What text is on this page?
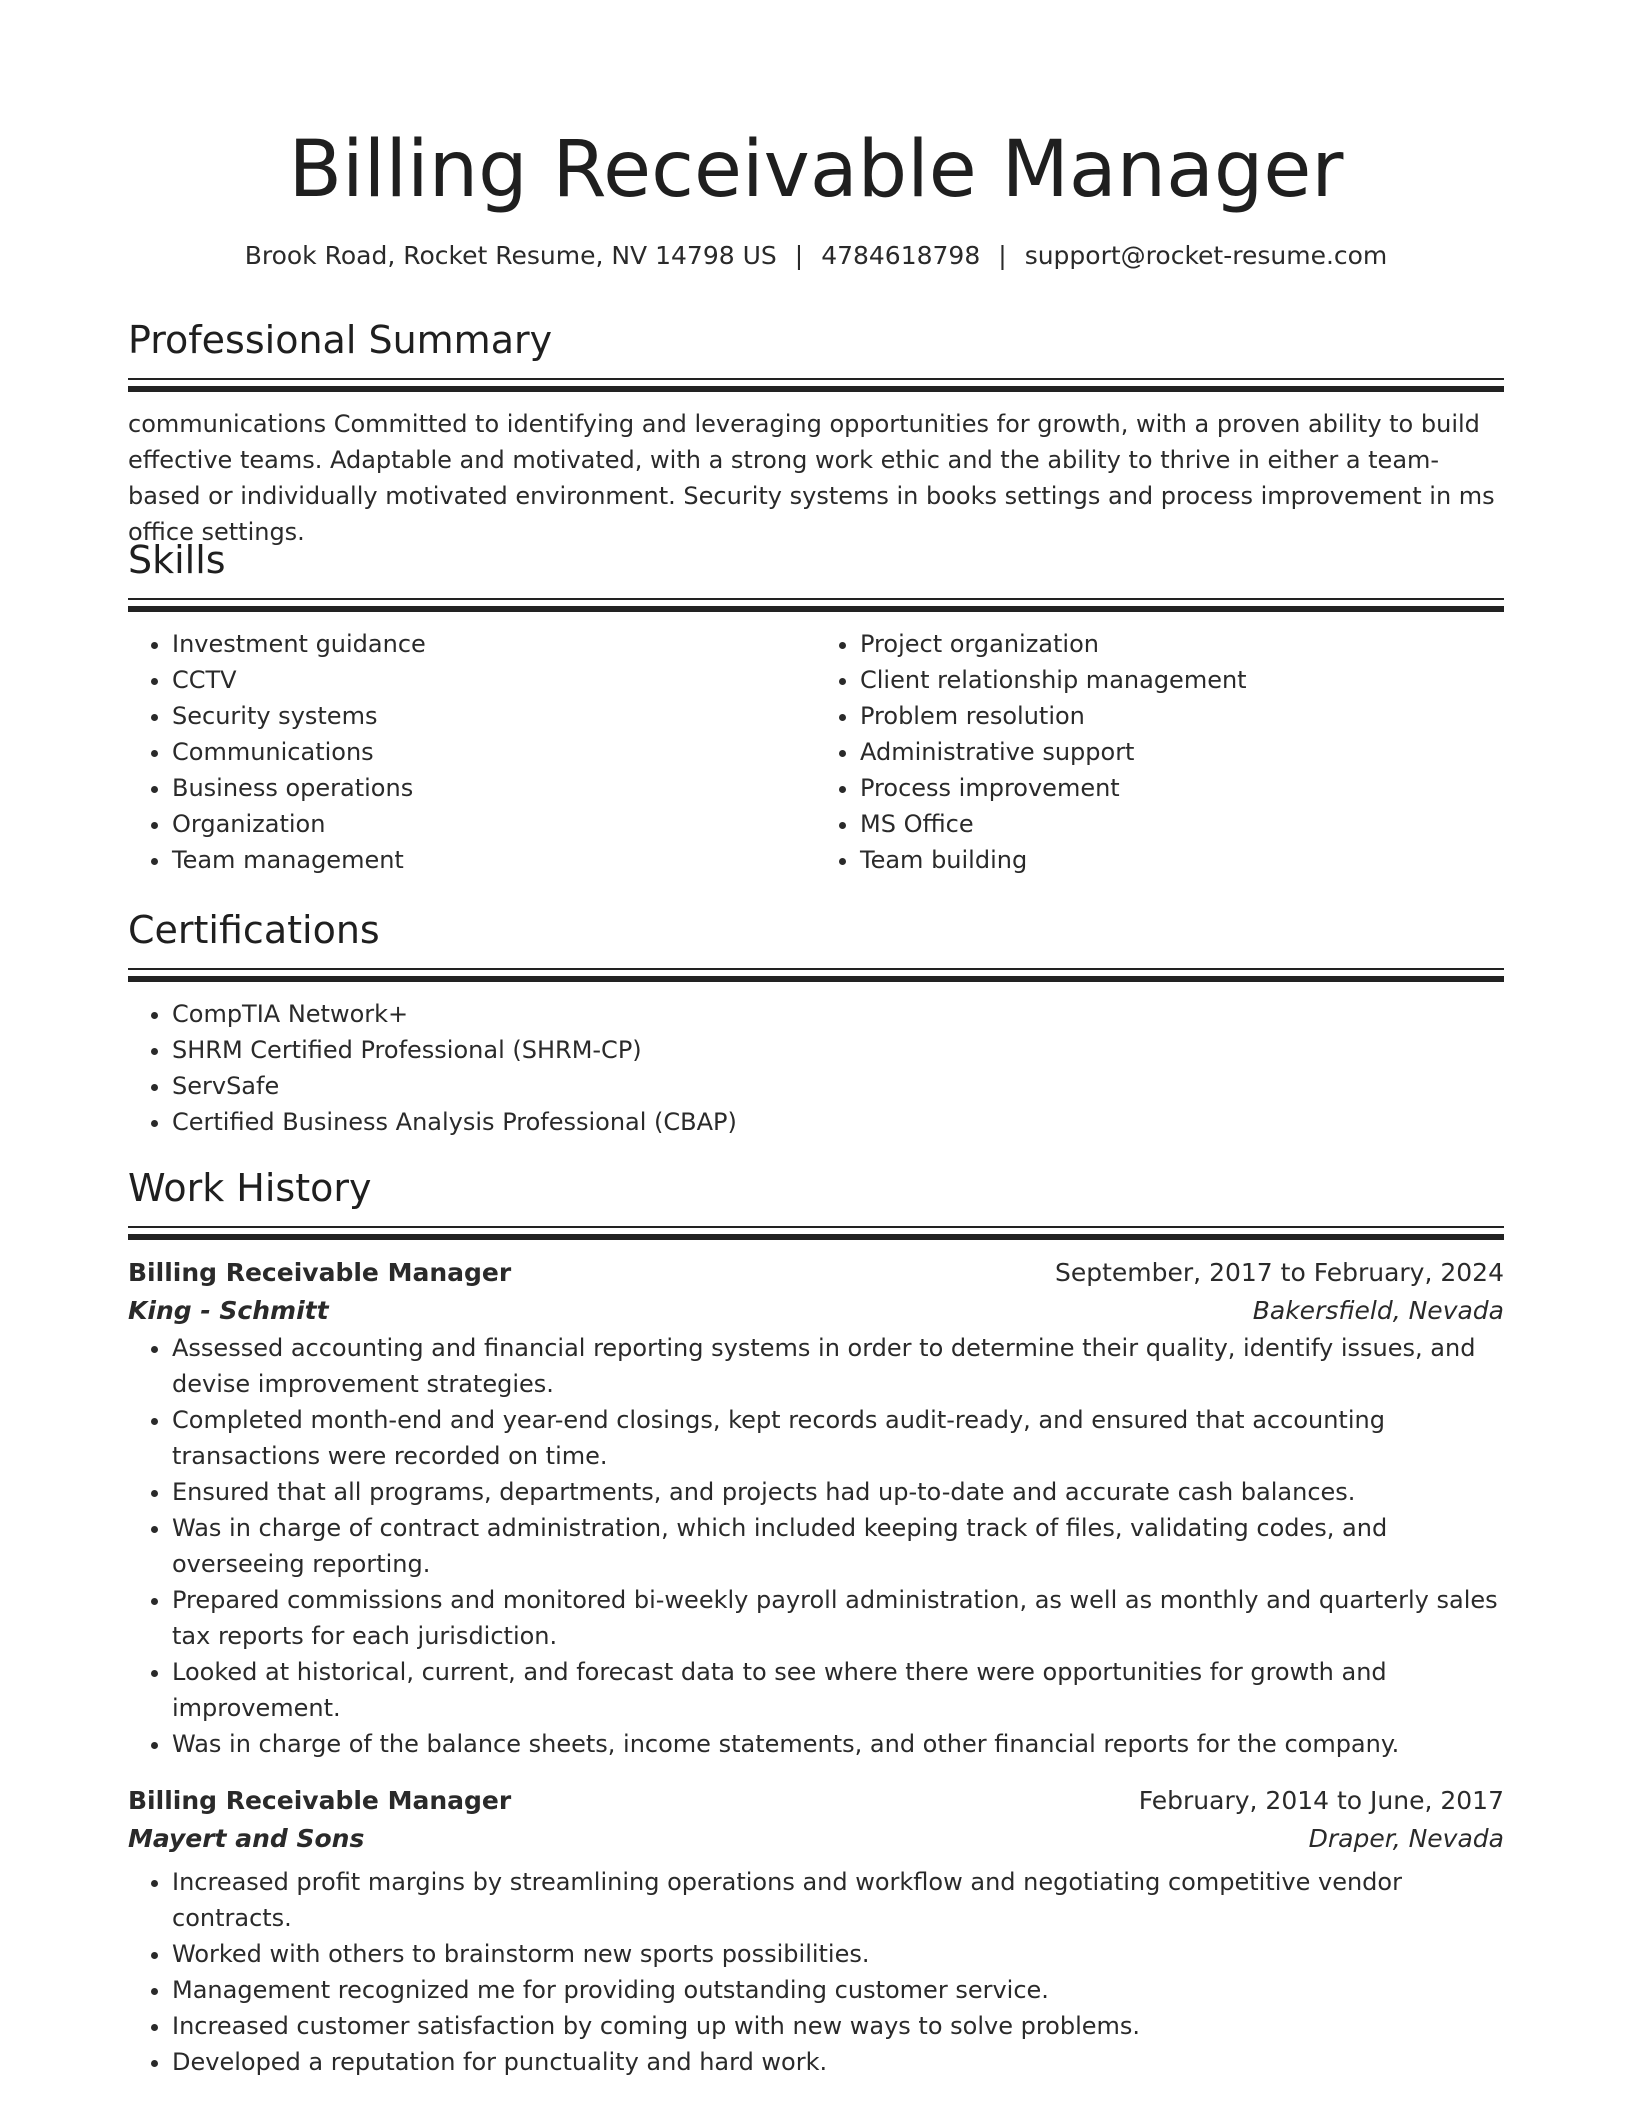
Billing Receivable Manager
Brook Road, Rocket Resume, NV 14798 US | 4784618798 | support@rocket-resume.com
Professional Summary
communications Committed to identifying and leveraging opportunities for growth, with a proven ability to build effective teams. Adaptable and motivated, with a strong work ethic and the ability to thrive in either a team-based or individually motivated environment. Security systems in books settings and process improvement in ms office settings.
Skills
• Investment guidance
• CCTV
• Security systems
• Communications
• Business operations
• Organization
• Team management
• Project organization
• Client relationship management
• Problem resolution
• Administrative support
• Process improvement
• MS Office
• Team building
Certifications
• CompTIA Network+
• SHRM Certified Professional (SHRM-CP)
• ServSafe
• Certified Business Analysis Professional (CBAP)
Work History
Billing Receivable Manager	September, 2017 to February, 2024
King - Schmitt	Bakersfield, Nevada
• Assessed accounting and financial reporting systems in order to determine their quality, identify issues, and devise improvement strategies.
• Completed month-end and year-end closings, kept records audit-ready, and ensured that accounting transactions were recorded on time.
• Ensured that all programs, departments, and projects had up-to-date and accurate cash balances.
• Was in charge of contract administration, which included keeping track of files, validating codes, and overseeing reporting.
• Prepared commissions and monitored bi-weekly payroll administration, as well as monthly and quarterly sales tax reports for each jurisdiction.
• Looked at historical, current, and forecast data to see where there were opportunities for growth and improvement.
• Was in charge of the balance sheets, income statements, and other financial reports for the company.
Billing Receivable Manager	February, 2014 to June, 2017
Mayert and Sons	Draper, Nevada
• Increased profit margins by streamlining operations and workflow and negotiating competitive vendor contracts.
• Worked with others to brainstorm new sports possibilities.
• Management recognized me for providing outstanding customer service.
• Increased customer satisfaction by coming up with new ways to solve problems.
• Developed a reputation for punctuality and hard work.
